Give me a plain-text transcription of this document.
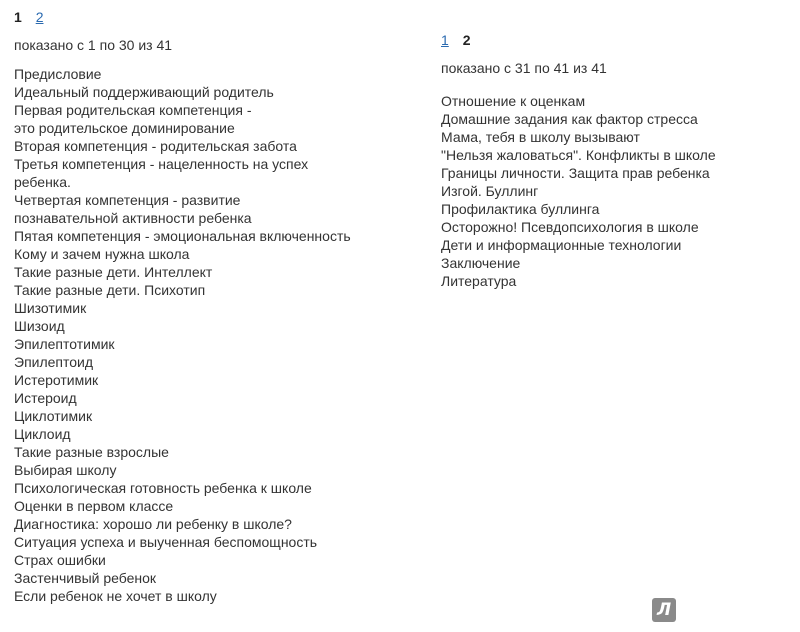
1 2
показано с 1 по 30 из 41
Предисловие
Идеальный поддерживающий родитель
Первая родительская компетенция -
это родительское доминирование
Вторая компетенция - родительская забота
Третья компетенция - нацеленность на успех
ребенка.
Четвертая компетенция - развитие
познавательной активности ребенка
Пятая компетенция - эмоциональная включенность
Кому и зачем нужна школа
Такие разные дети. Интеллект
Такие разные дети. Психотип
Шизотимик
Шизоид
Эпилептотимик
Эпилептоид
Истеротимик
Истероид
Циклотимик
Циклоид
Такие разные взрослые
Выбирая школу
Психологическая готовность ребенка к школе
Оценки в первом классе
Диагностика: хорошо ли ребенку в школе?
Ситуация успеха и выученная беспомощность
Страх ошибки
Застенчивый ребенок
Если ребенок не хочет в школу
1 2
показано с 31 по 41 из 41
Отношение к оценкам
Домашние задания как фактор стресса
Мама, тебя в школу вызывают
"Нельзя жаловаться". Конфликты в школе
Границы личности. Защита прав ребенка
Изгой. Буллинг
Профилактика буллинга
Осторожно! Псевдопсихология в школе
Дети и информационные технологии
Заключение
Литература
Л
